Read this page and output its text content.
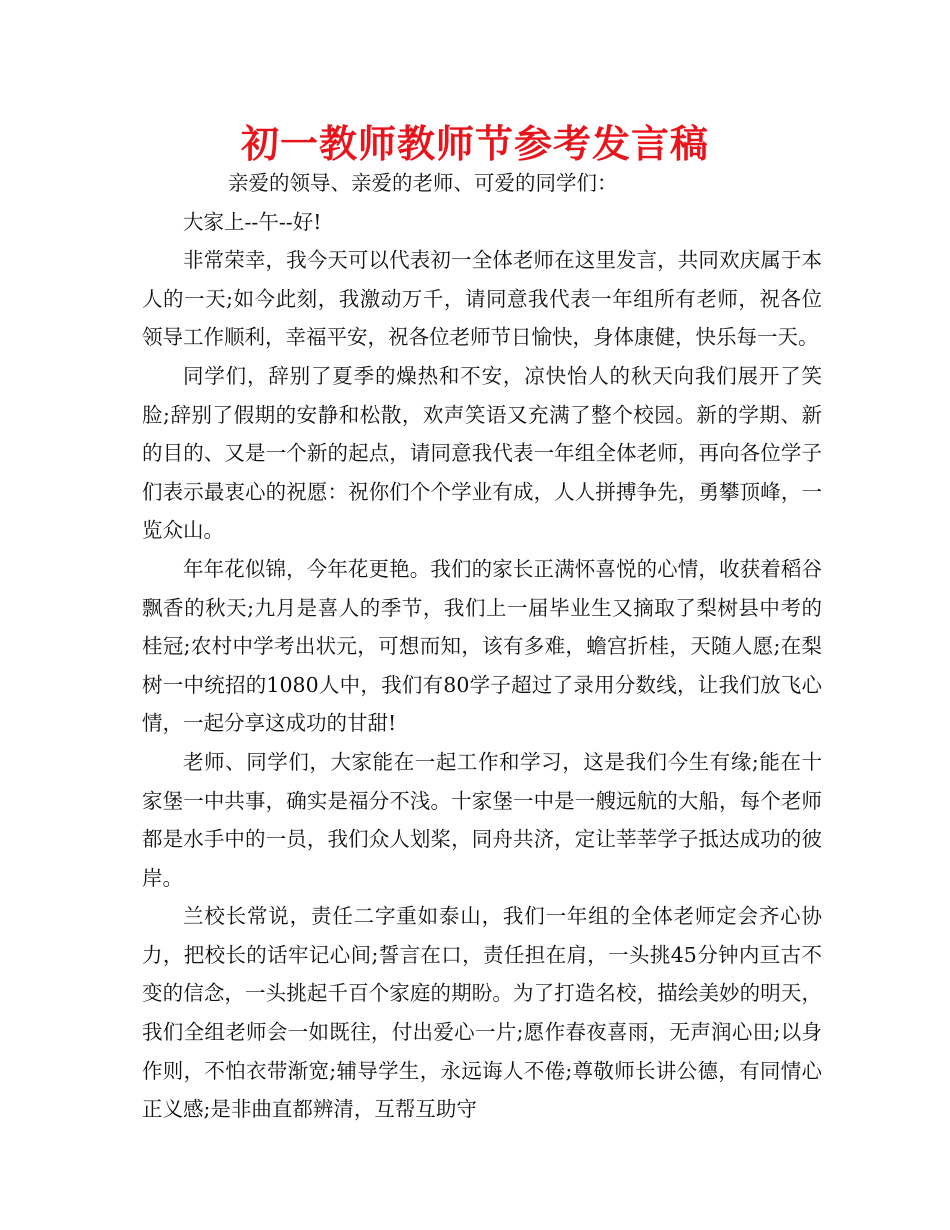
初一教师教师节参考发言稿

亲爱的领导、亲爱的老师、可爱的同学们：

大家上--午--好!

非常荣幸，我今天可以代表初一全体老师在这里发言，共同欢庆属于本人的一天;如今此刻，我激动万千，请同意我代表一年组所有老师，祝各位领导工作顺利，幸福平安，祝各位老师节日愉快，身体康健，快乐每一天。

同学们，辞别了夏季的燥热和不安，凉快怡人的秋天向我们展开了笑脸;辞别了假期的安静和松散，欢声笑语又充满了整个校园。新的学期、新的目的、又是一个新的起点，请同意我代表一年组全体老师，再向各位学子们表示最衷心的祝愿：祝你们个个学业有成，人人拼搏争先，勇攀顶峰，一览众山。

年年花似锦，今年花更艳。我们的家长正满怀喜悦的心情，收获着稻谷飘香的秋天;九月是喜人的季节，我们上一届毕业生又摘取了梨树县中考的桂冠;农村中学考出状元，可想而知，该有多难，蟾宫折桂，天随人愿;在梨树一中统招的1080人中，我们有80学子超过了录用分数线，让我们放飞心情，一起分享这成功的甘甜!

老师、同学们，大家能在一起工作和学习，这是我们今生有缘;能在十家堡一中共事，确实是福分不浅。十家堡一中是一艘远航的大船，每个老师都是水手中的一员，我们众人划桨，同舟共济，定让莘莘学子抵达成功的彼岸。

兰校长常说，责任二字重如泰山，我们一年组的全体老师定会齐心协力，把校长的话牢记心间;誓言在口，责任担在肩，一头挑45分钟内亘古不变的信念，一头挑起千百个家庭的期盼。为了打造名校，描绘美妙的明天，我们全组老师会一如既往，付出爱心一片;愿作春夜喜雨，无声润心田;以身作则，不怕衣带渐宽;辅导学生，永远诲人不倦;尊敬师长讲公德，有同情心正义感;是非曲直都辨清，互帮互助守
